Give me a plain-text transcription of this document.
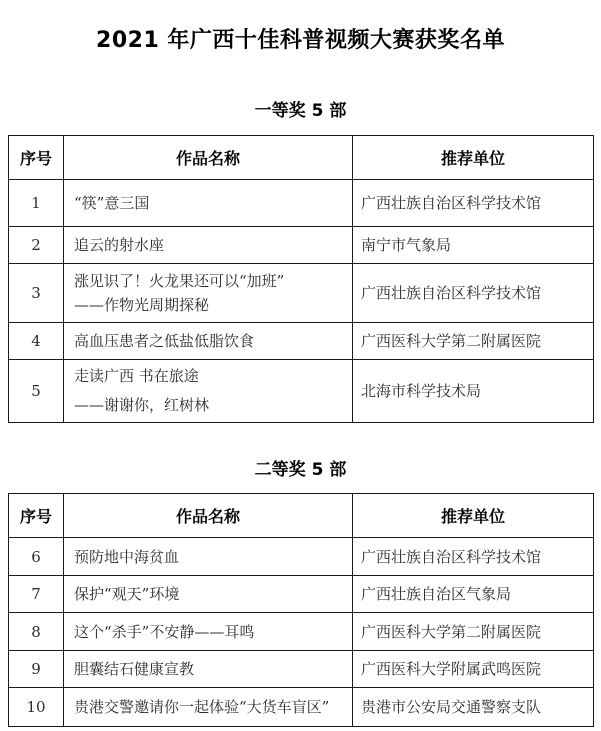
2021 年广西十佳科普视频大赛获奖名单
一等奖 5 部
序号	作品名称	推荐单位
1	“筷”意三国	广西壮族自治区科学技术馆
2	追云的射水座	南宁市气象局
3	涨见识了！火龙果还可以“加班”
——作物光周期探秘	广西壮族自治区科学技术馆
4	高血压患者之低盐低脂饮食	广西医科大学第二附属医院
5	走读广西 书在旅途
——谢谢你，红树林	北海市科学技术局
二等奖 5 部
序号	作品名称	推荐单位
6	预防地中海贫血	广西壮族自治区科学技术馆
7	保护“观天”环境	广西壮族自治区气象局
8	这个“杀手”不安静——耳鸣	广西医科大学第二附属医院
9	胆囊结石健康宣教	广西医科大学附属武鸣医院
10	贵港交警邀请你一起体验“大货车盲区”	贵港市公安局交通警察支队
